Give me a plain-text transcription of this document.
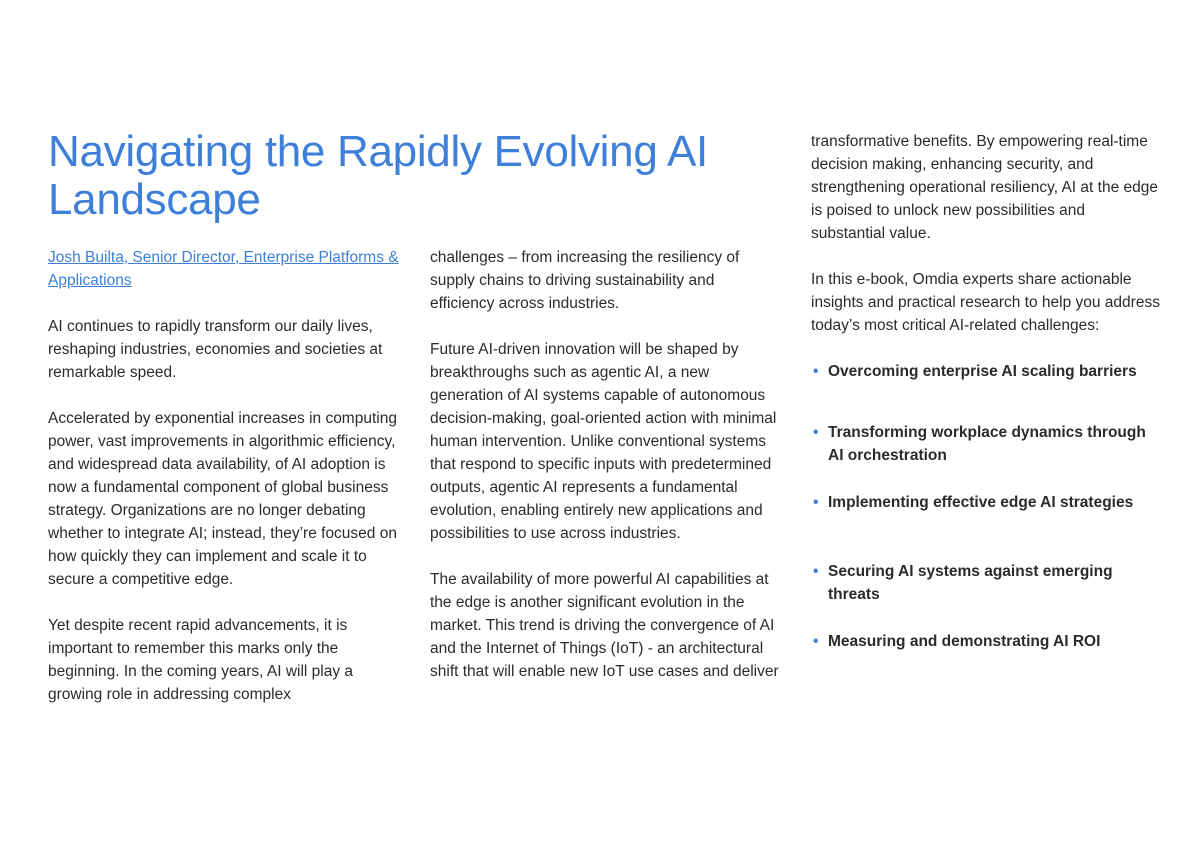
Navigating the Rapidly Evolving AI Landscape

Josh Builta, Senior Director, Enterprise Platforms & Applications

AI continues to rapidly transform our daily lives, reshaping industries, economies and societies at remarkable speed.

Accelerated by exponential increases in computing power, vast improvements in algorithmic efficiency, and widespread data availability, of AI adoption is now a fundamental component of global business strategy. Organizations are no longer debating whether to integrate AI; instead, they’re focused on how quickly they can implement and scale it to secure a competitive edge.

Yet despite recent rapid advancements, it is important to remember this marks only the beginning. In the coming years, AI will play a growing role in addressing complex

challenges – from increasing the resiliency of supply chains to driving sustainability and efficiency across industries.

Future AI-driven innovation will be shaped by breakthroughs such as agentic AI, a new generation of AI systems capable of autonomous decision-making, goal-oriented action with minimal human intervention. Unlike conventional systems that respond to specific inputs with predetermined outputs, agentic AI represents a fundamental evolution, enabling entirely new applications and possibilities to use across industries.

The availability of more powerful AI capabilities at the edge is another significant evolution in the market. This trend is driving the convergence of AI and the Internet of Things (IoT) - an architectural shift that will enable new IoT use cases and deliver

transformative benefits. By empowering real-time decision making, enhancing security, and strengthening operational resiliency, AI at the edge is poised to unlock new possibilities and substantial value.

In this e-book, Omdia experts share actionable insights and practical research to help you address today’s most critical AI-related challenges:

• Overcoming enterprise AI scaling barriers
• Transforming workplace dynamics through AI orchestration
• Implementing effective edge AI strategies
• Securing AI systems against emerging threats
• Measuring and demonstrating AI ROI
